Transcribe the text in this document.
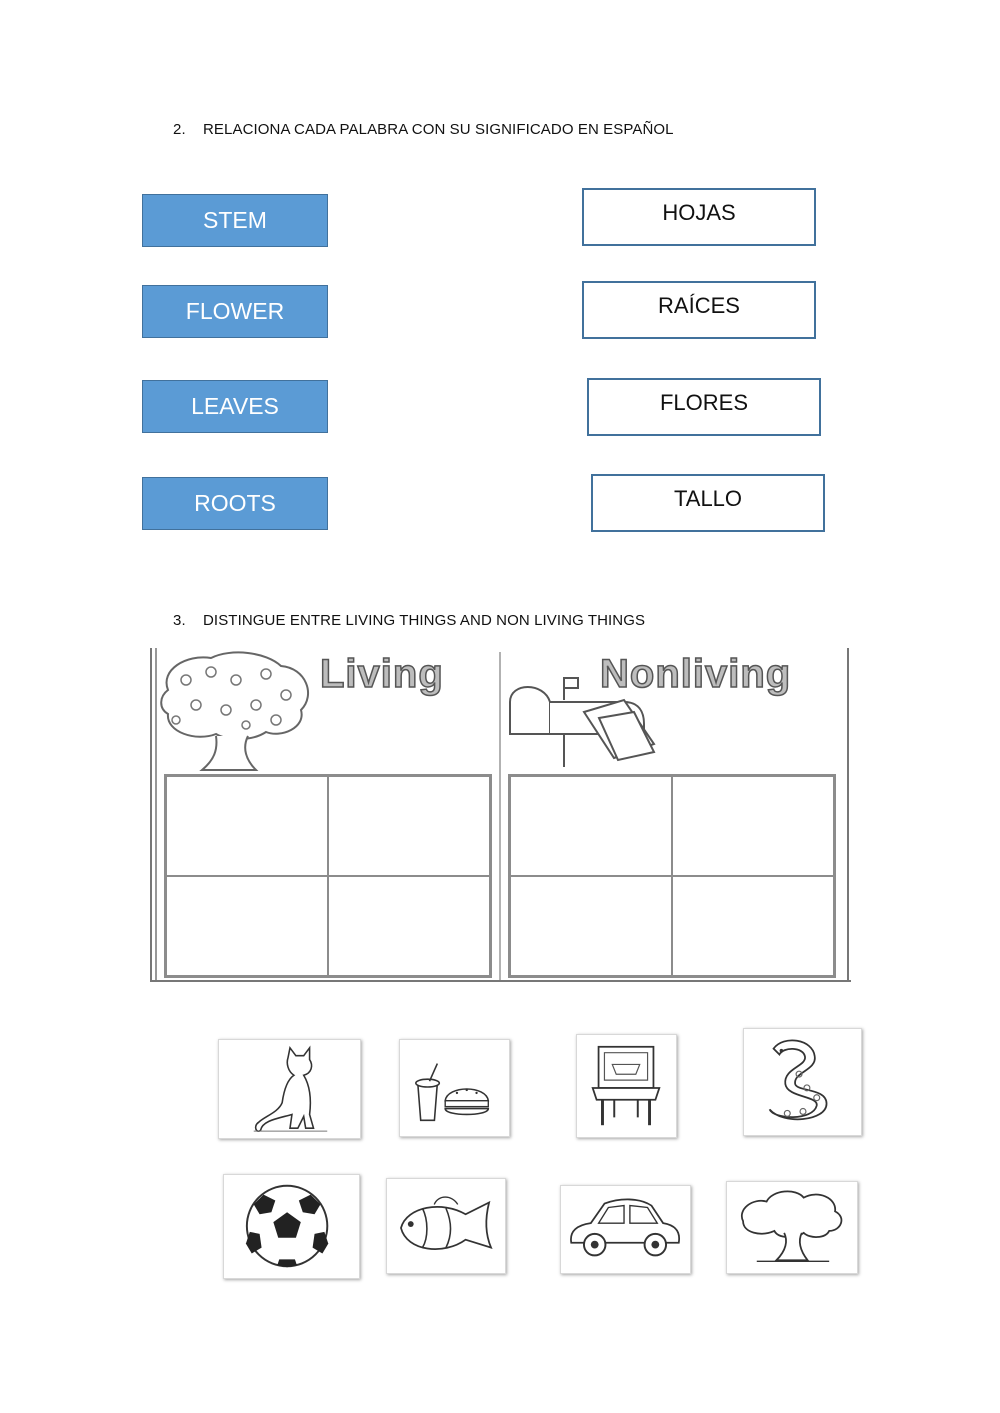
2. RELACIONA CADA PALABRA CON SU SIGNIFICADO EN ESPAÑOL
STEM
FLOWER
LEAVES
ROOTS
HOJAS
RAÍCES
FLORES
TALLO
3. DISTINGUE ENTRE LIVING THINGS AND NON LIVING THINGS
Living	Nonliving
